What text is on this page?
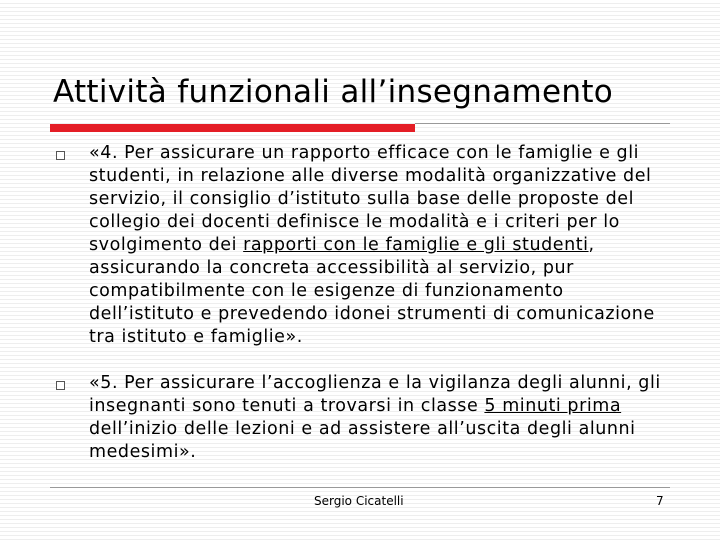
Attività funzionali all’insegnamento
«4. Per assicurare un rapporto efficace con le famiglie e gli studenti, in relazione alle diverse modalità organizzative del servizio, il consiglio d’istituto sulla base delle proposte del collegio dei docenti definisce le modalità e i criteri per lo svolgimento dei rapporti con le famiglie e gli studenti, assicurando la concreta accessibilità al servizio, pur compatibilmente con le esigenze di funzionamento dell’istituto e prevedendo idonei strumenti di comunicazione tra istituto e famiglie».
«5. Per assicurare l’accoglienza e la vigilanza degli alunni, gli insegnanti sono tenuti a trovarsi in classe 5 minuti prima dell’inizio delle lezioni e ad assistere all’uscita degli alunni medesimi».
Sergio Cicatelli	7
